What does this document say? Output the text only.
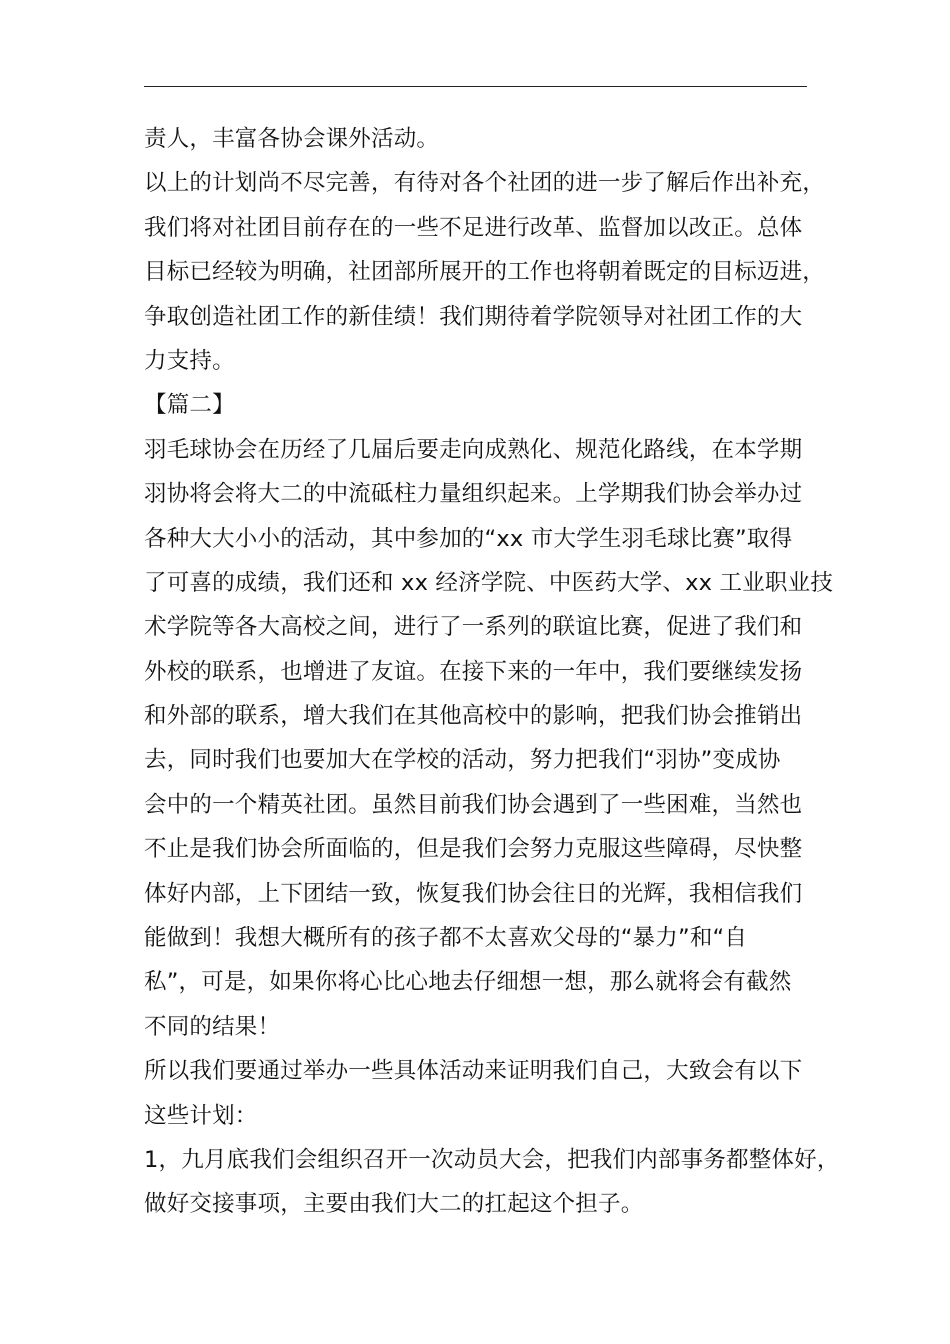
责人，丰富各协会课外活动。
以上的计划尚不尽完善，有待对各个社团的进一步了解后作出补充，
我们将对社团目前存在的一些不足进行改革、监督加以改正。总体
目标已经较为明确，社团部所展开的工作也将朝着既定的目标迈进，
争取创造社团工作的新佳绩！我们期待着学院领导对社团工作的大
力支持。
【篇二】
羽毛球协会在历经了几届后要走向成熟化、规范化路线，在本学期
羽协将会将大二的中流砥柱力量组织起来。上学期我们协会举办过
各种大大小小的活动，其中参加的“xx 市大学生羽毛球比赛”取得
了可喜的成绩，我们还和 xx 经济学院、中医药大学、xx 工业职业技
术学院等各大高校之间，进行了一系列的联谊比赛，促进了我们和
外校的联系，也增进了友谊。在接下来的一年中，我们要继续发扬
和外部的联系，增大我们在其他高校中的影响，把我们协会推销出
去，同时我们也要加大在学校的活动，努力把我们“羽协”变成协
会中的一个精英社团。虽然目前我们协会遇到了一些困难，当然也
不止是我们协会所面临的，但是我们会努力克服这些障碍，尽快整
体好内部，上下团结一致，恢复我们协会往日的光辉，我相信我们
能做到！我想大概所有的孩子都不太喜欢父母的“暴力”和“自
私”，可是，如果你将心比心地去仔细想一想，那么就将会有截然
不同的结果！
所以我们要通过举办一些具体活动来证明我们自己，大致会有以下
这些计划：
1，九月底我们会组织召开一次动员大会，把我们内部事务都整体好，
做好交接事项，主要由我们大二的扛起这个担子。
